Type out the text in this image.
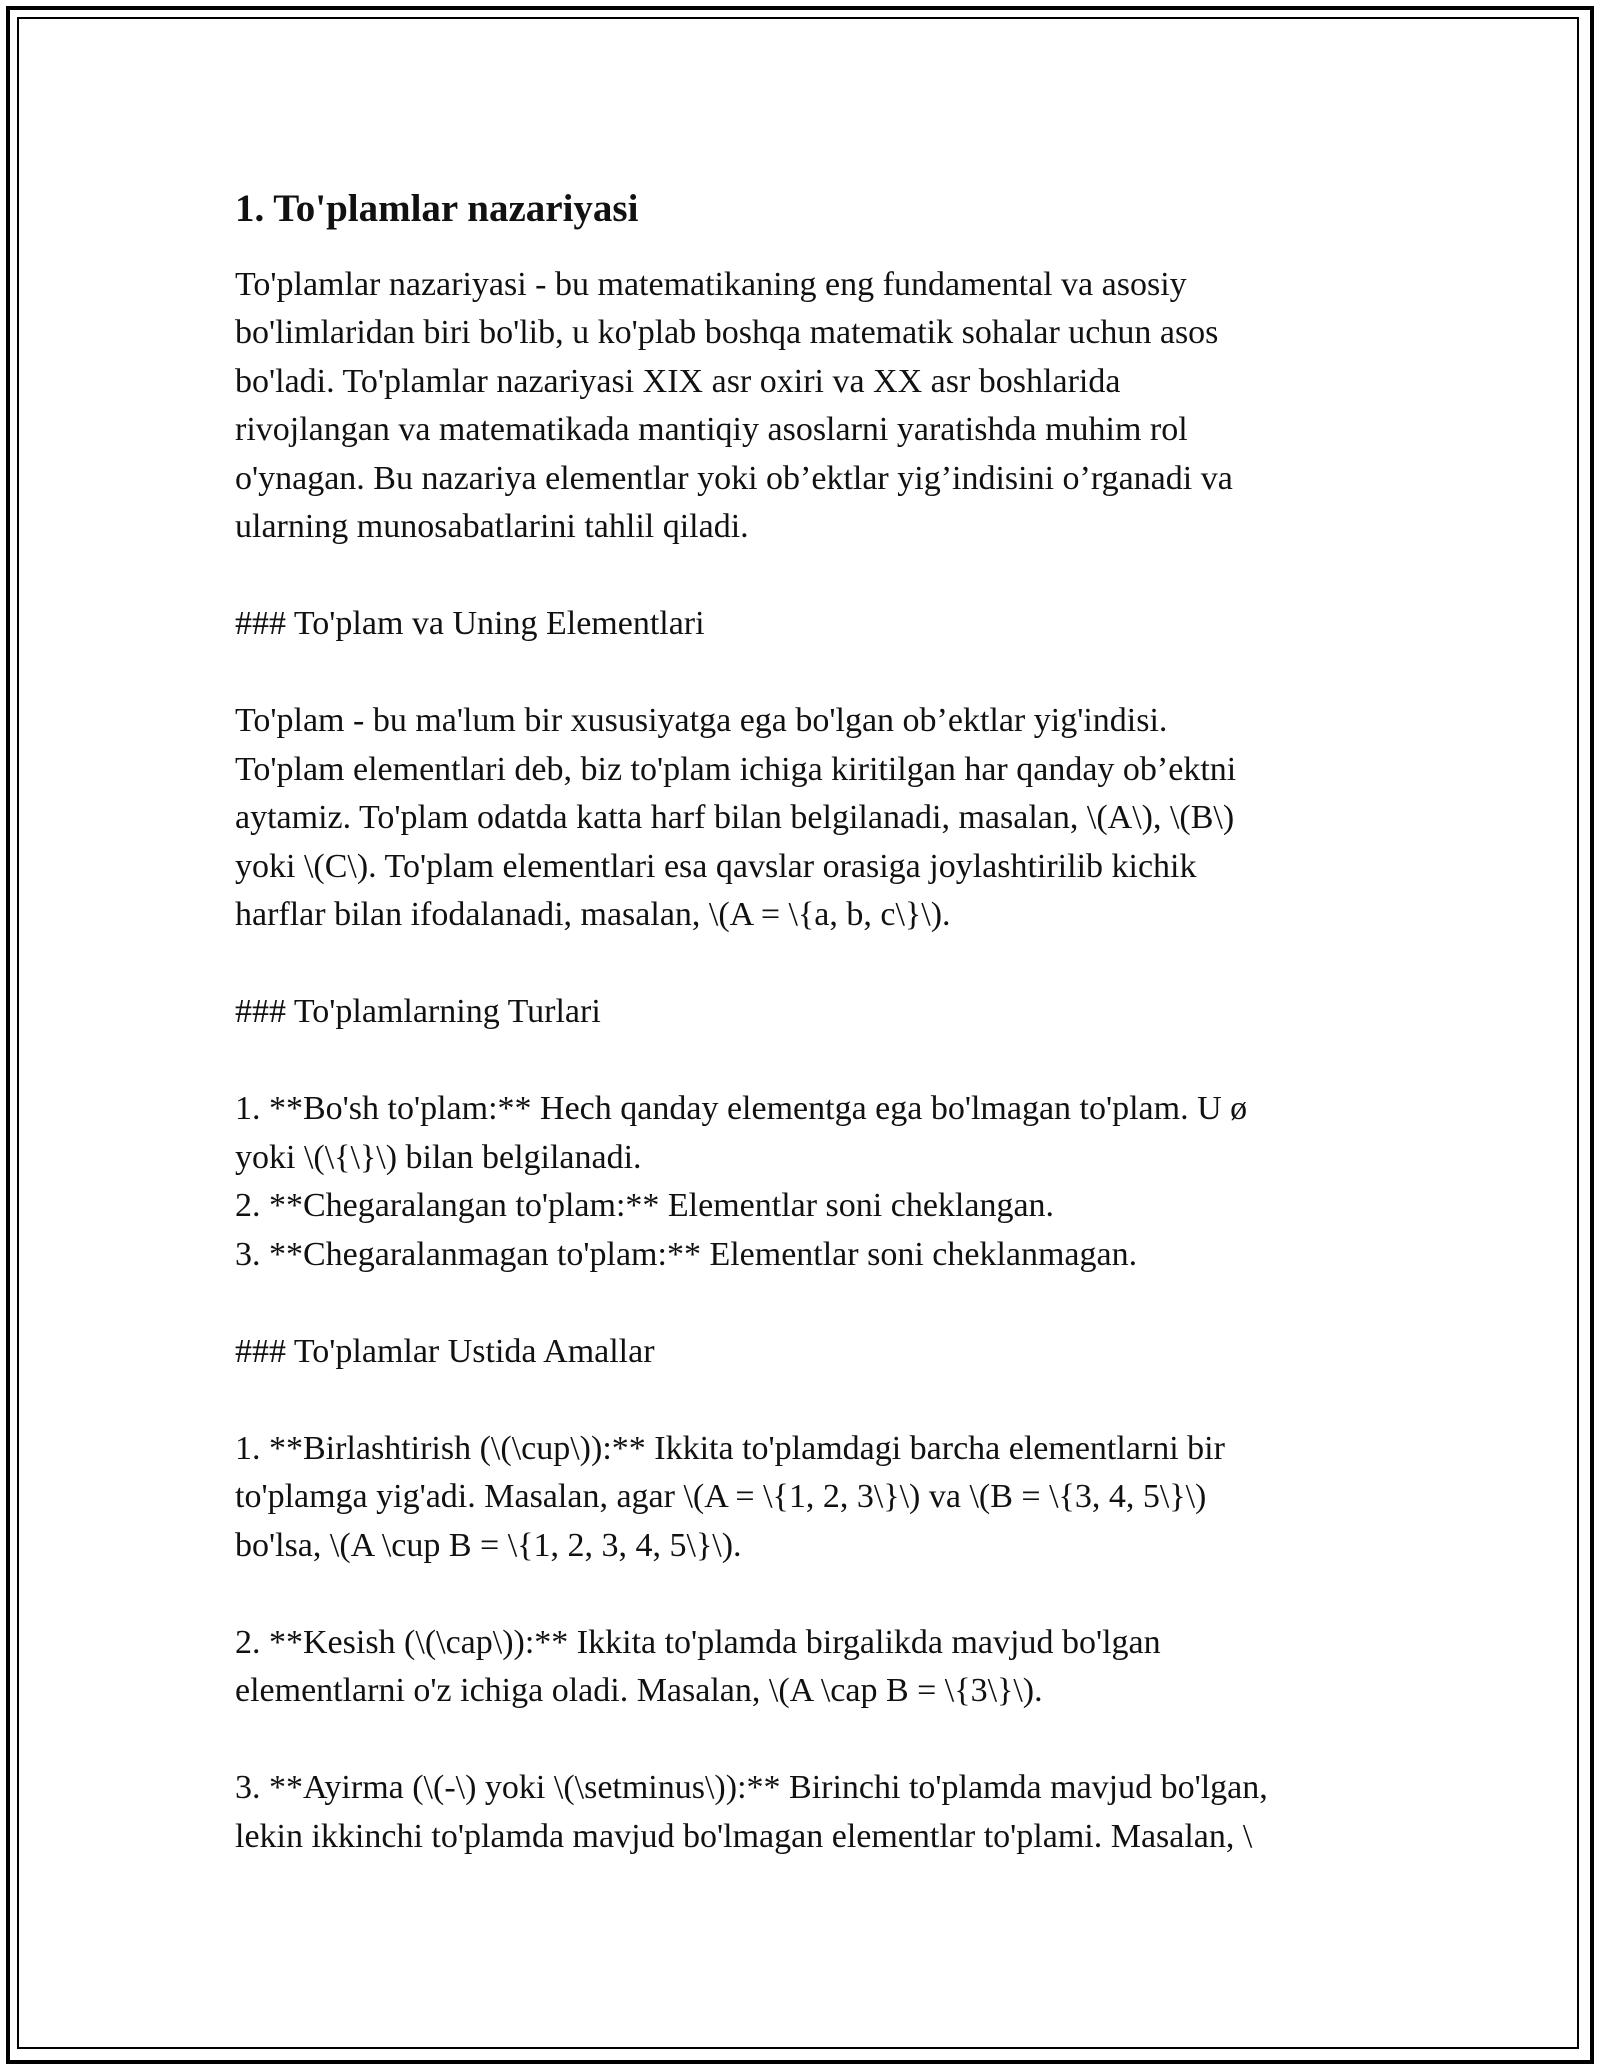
1. To'plamlar nazariyasi

To'plamlar nazariyasi - bu matematikaning eng fundamental va asosiy
bo'limlaridan biri bo'lib, u ko'plab boshqa matematik sohalar uchun asos
bo'ladi. To'plamlar nazariyasi XIX asr oxiri va XX asr boshlarida
rivojlangan va matematikada mantiqiy asoslarni yaratishda muhim rol
o'ynagan. Bu nazariya elementlar yoki ob’ektlar yig’indisini o’rganadi va
ularning munosabatlarini tahlil qiladi.

### To'plam va Uning Elementlari

To'plam - bu ma'lum bir xususiyatga ega bo'lgan ob’ektlar yig'indisi.
To'plam elementlari deb, biz to'plam ichiga kiritilgan har qanday ob’ektni
aytamiz. To'plam odatda katta harf bilan belgilanadi, masalan, \(A\), \(B\)
yoki \(C\). To'plam elementlari esa qavslar orasiga joylashtirilib kichik
harflar bilan ifodalanadi, masalan, \(A = \{a, b, c\}\).

### To'plamlarning Turlari

1. **Bo'sh to'plam:** Hech qanday elementga ega bo'lmagan to'plam. U ø
yoki \(\{\}\) bilan belgilanadi.
2. **Chegaralangan to'plam:** Elementlar soni cheklangan.
3. **Chegaralanmagan to'plam:** Elementlar soni cheklanmagan.

### To'plamlar Ustida Amallar

1. **Birlashtirish (\(\cup\)):** Ikkita to'plamdagi barcha elementlarni bir
to'plamga yig'adi. Masalan, agar \(A = \{1, 2, 3\}\) va \(B = \{3, 4, 5\}\)
bo'lsa, \(A \cup B = \{1, 2, 3, 4, 5\}\).

2. **Kesish (\(\cap\)):** Ikkita to'plamda birgalikda mavjud bo'lgan
elementlarni o'z ichiga oladi. Masalan, \(A \cap B = \{3\}\).

3. **Ayirma (\(-\) yoki \(\setminus\)):** Birinchi to'plamda mavjud bo'lgan,
lekin ikkinchi to'plamda mavjud bo'lmagan elementlar to'plami. Masalan, \
